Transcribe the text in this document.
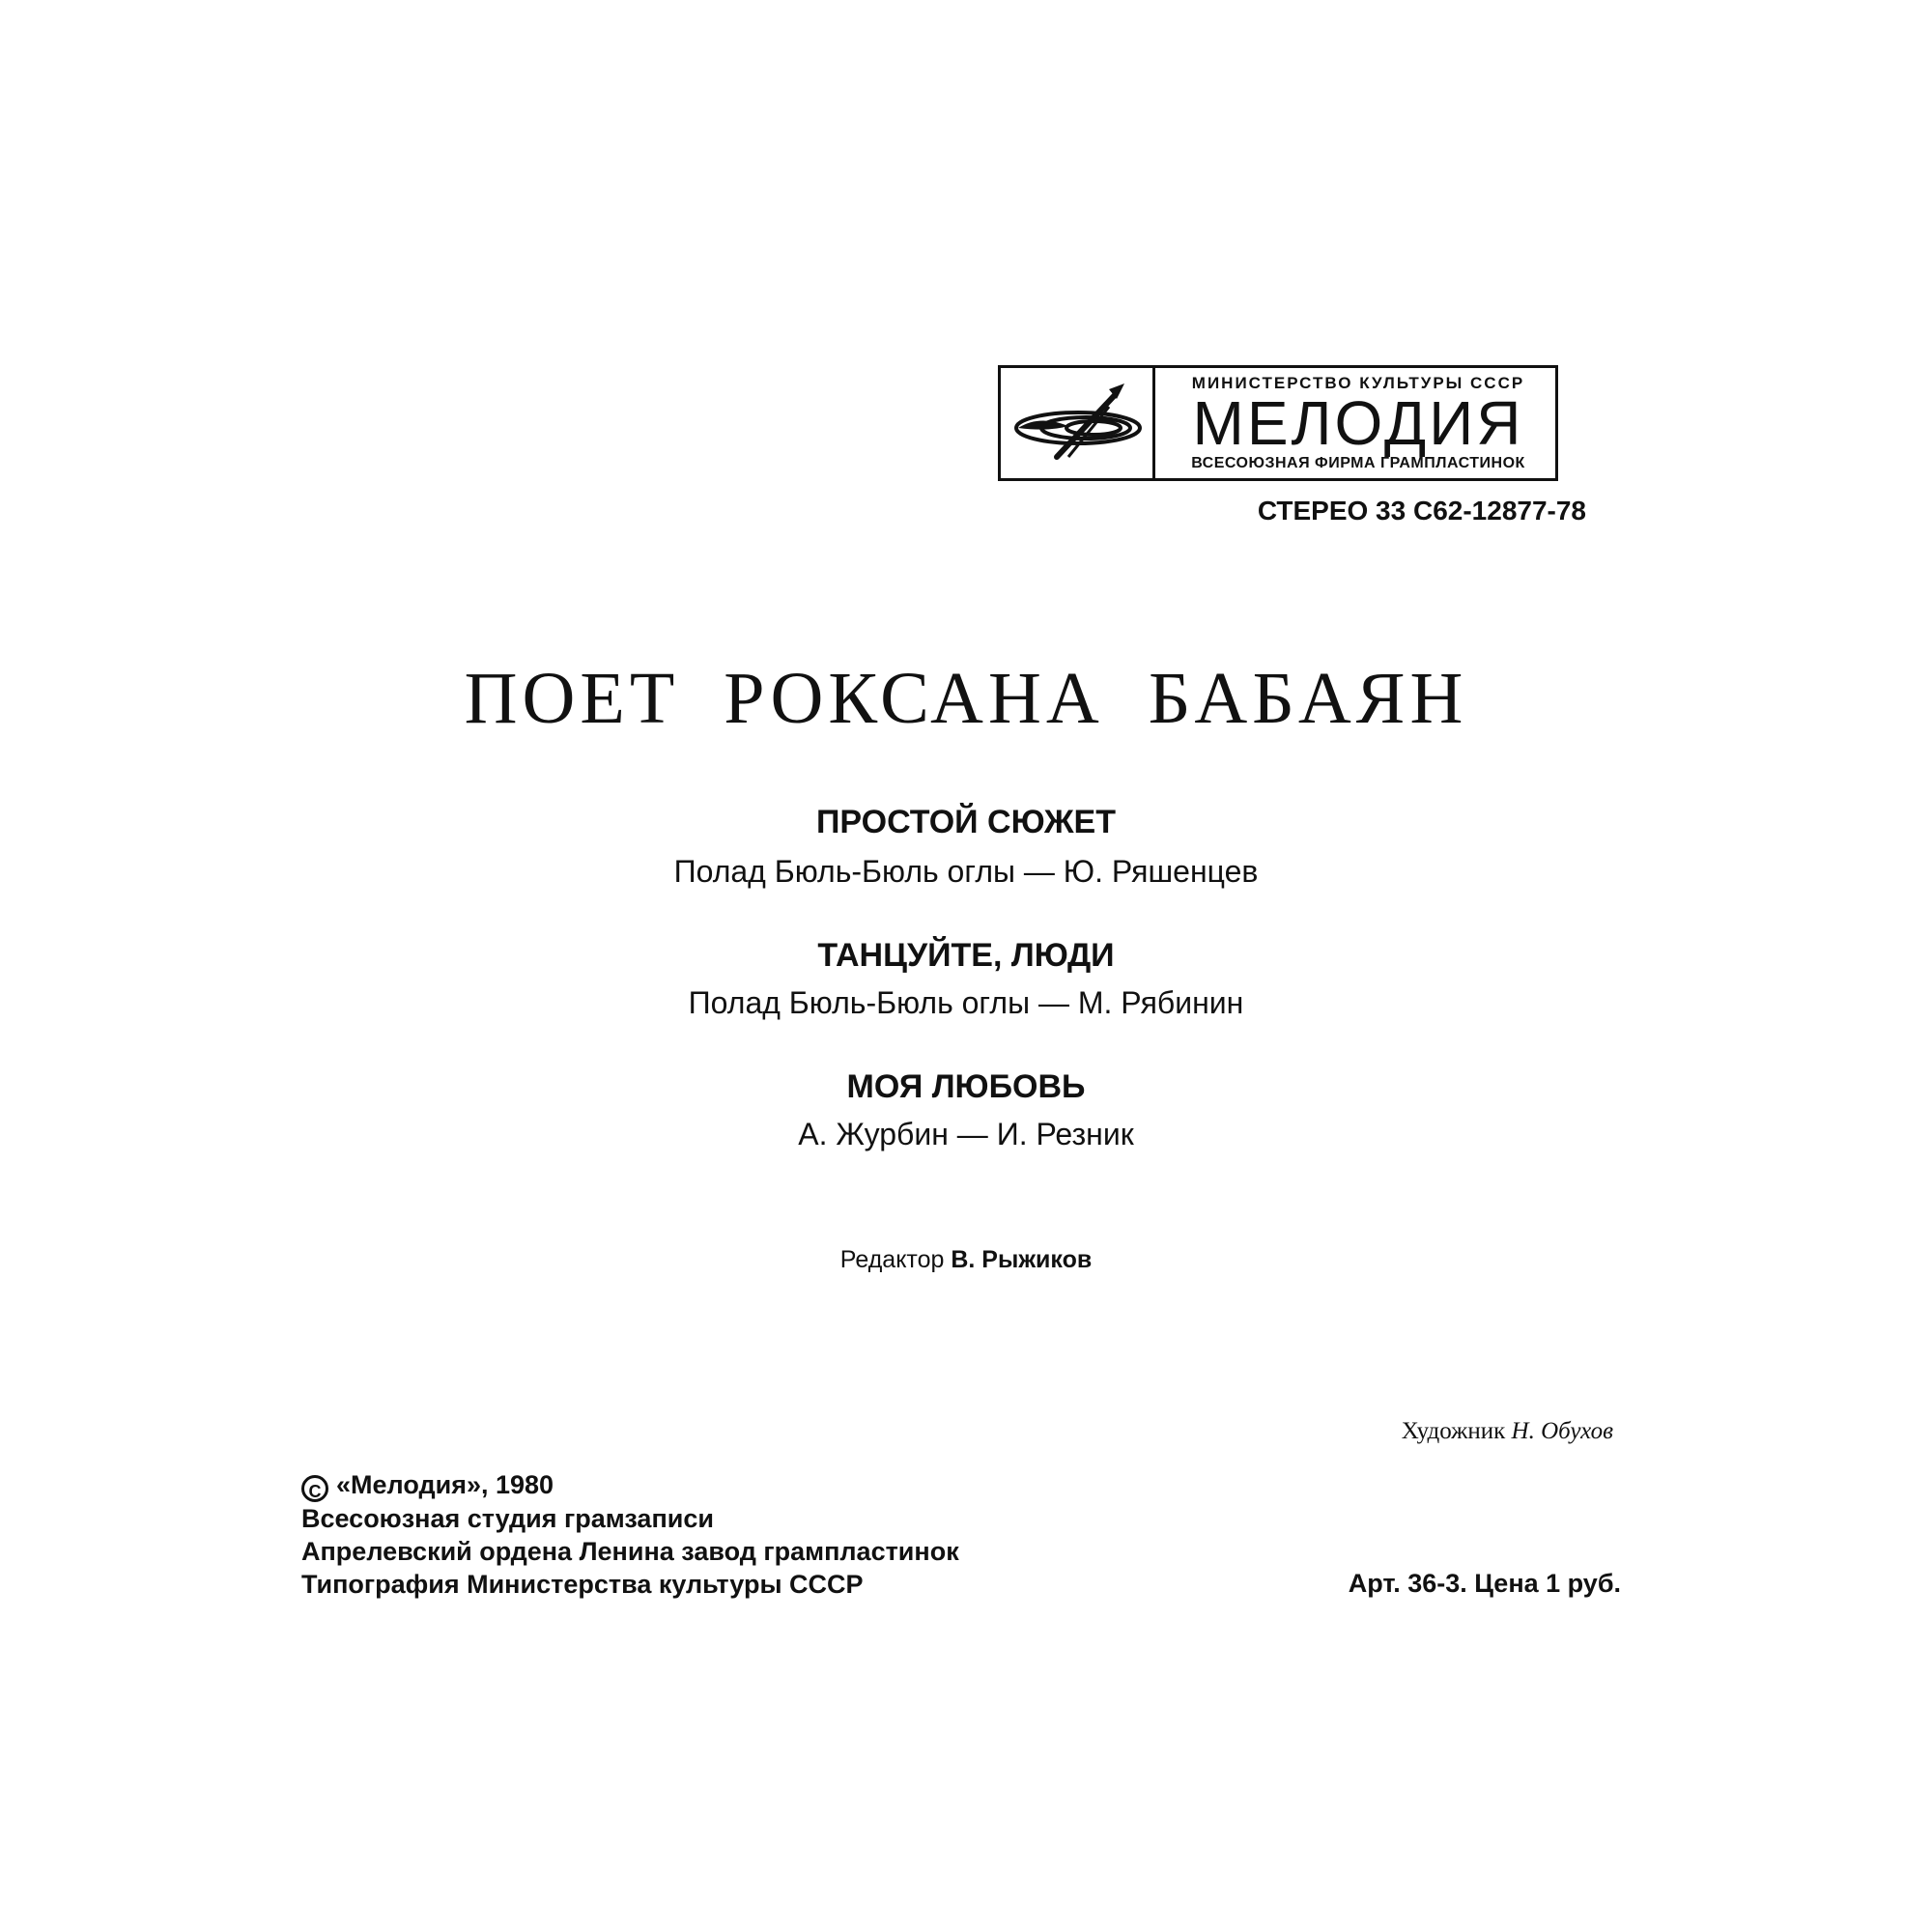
МИНИСТЕРСТВО КУЛЬТУРЫ СССР
МЕЛОДИЯ
ВСЕСОЮЗНАЯ ФИРМА ГРАМПЛАСТИНОК
СТЕРЕО 33 С62-12877-78
ПОЕТ РОКСАНА БАБАЯН
ПРОСТОЙ СЮЖЕТ
Полад Бюль-Бюль оглы — Ю. Ряшенцев
ТАНЦУЙТЕ, ЛЮДИ
Полад Бюль-Бюль оглы — М. Рябинин
МОЯ ЛЮБОВЬ
А. Журбин — И. Резник
Редактор В. Рыжиков
Художник Н. Обухов
C «Мелодия», 1980
Всесоюзная студия грамзаписи
Апрелевский ордена Ленина завод грампластинок
Типография Министерства культуры СССР	Арт. 36-3. Цена 1 руб.
